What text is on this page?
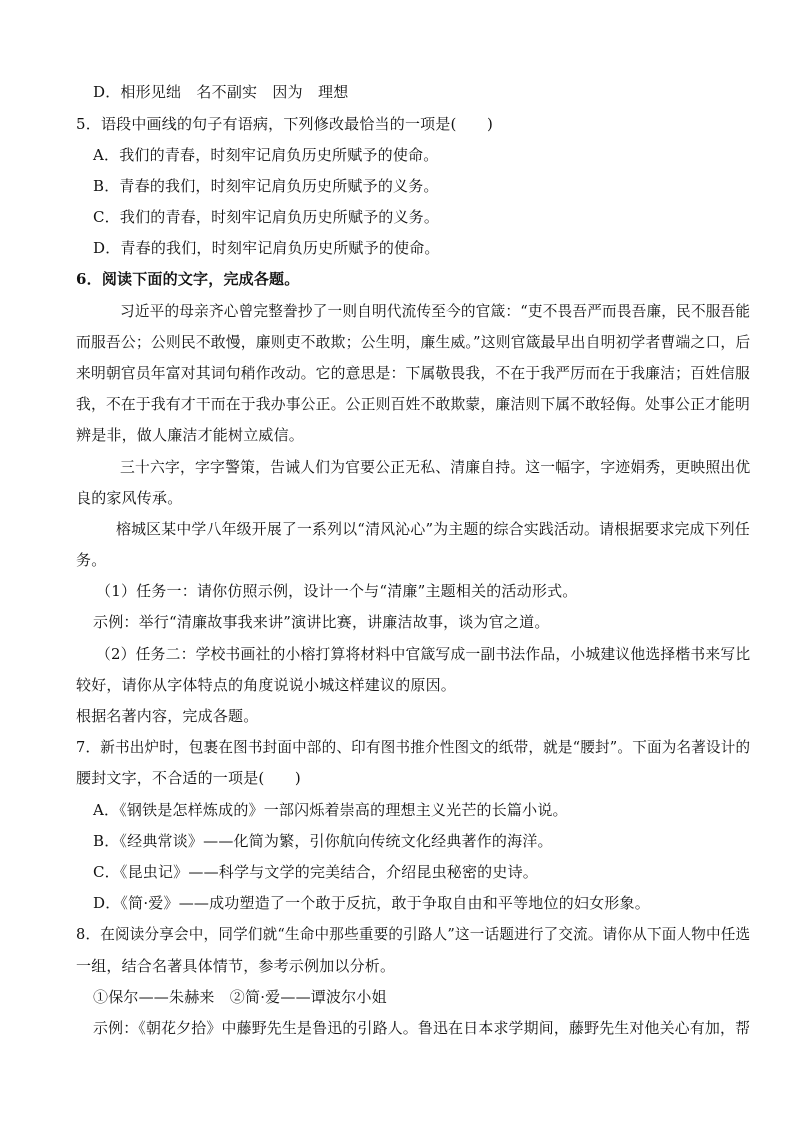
D．相形见绌　名不副实　因为　理想
5．语段中画线的句子有语病，下列修改最恰当的一项是(　　)
A．我们的青春，时刻牢记肩负历史所赋予的使命。
B．青春的我们，时刻牢记肩负历史所赋予的义务。
C．我们的青春，时刻牢记肩负历史所赋予的义务。
D．青春的我们，时刻牢记肩负历史所赋予的使命。
6．阅读下面的文字，完成各题。
习近平的母亲齐心曾完整誊抄了一则自明代流传至今的官箴：“吏不畏吾严而畏吾廉，民不服吾能
而服吾公；公则民不敢慢，廉则吏不敢欺；公生明，廉生威。”这则官箴最早出自明初学者曹端之口，后
来明朝官员年富对其词句稍作改动。它的意思是：下属敬畏我，不在于我严厉而在于我廉洁；百姓信服
我，不在于我有才干而在于我办事公正。公正则百姓不敢欺蒙，廉洁则下属不敢轻侮。处事公正才能明
辨是非，做人廉洁才能树立威信。
三十六字，字字警策，告诫人们为官要公正无私、清廉自持。这一幅字，字迹娟秀，更映照出优
良的家风传承。
榕城区某中学八年级开展了一系列以“清风沁心”为主题的综合实践活动。请根据要求完成下列任
务。
（1）任务一：请你仿照示例，设计一个与“清廉”主题相关的活动形式。
示例：举行“清廉故事我来讲”演讲比赛，讲廉洁故事，谈为官之道。
（2）任务二：学校书画社的小榕打算将材料中官箴写成一副书法作品，小城建议他选择楷书来写比
较好，请你从字体特点的角度说说小城这样建议的原因。
根据名著内容，完成各题。
7．新书出炉时，包裹在图书封面中部的、印有图书推介性图文的纸带，就是“腰封”。下面为名著设计的
腰封文字，不合适的一项是(　　)
A．《钢铁是怎样炼成的》一部闪烁着崇高的理想主义光芒的长篇小说。
B．《经典常谈》——化简为繁，引你航向传统文化经典著作的海洋。
C．《昆虫记》——科学与文学的完美结合，介绍昆虫秘密的史诗。
D．《简·爱》——成功塑造了一个敢于反抗，敢于争取自由和平等地位的妇女形象。
8．在阅读分享会中，同学们就“生命中那些重要的引路人”这一话题进行了交流。请你从下面人物中任选
一组，结合名著具体情节，参考示例加以分析。
①保尔——朱赫来　②简·爱——谭波尔小姐
示例：《朝花夕拾》中藤野先生是鲁迅的引路人。鲁迅在日本求学期间，藤野先生对他关心有加，帮
